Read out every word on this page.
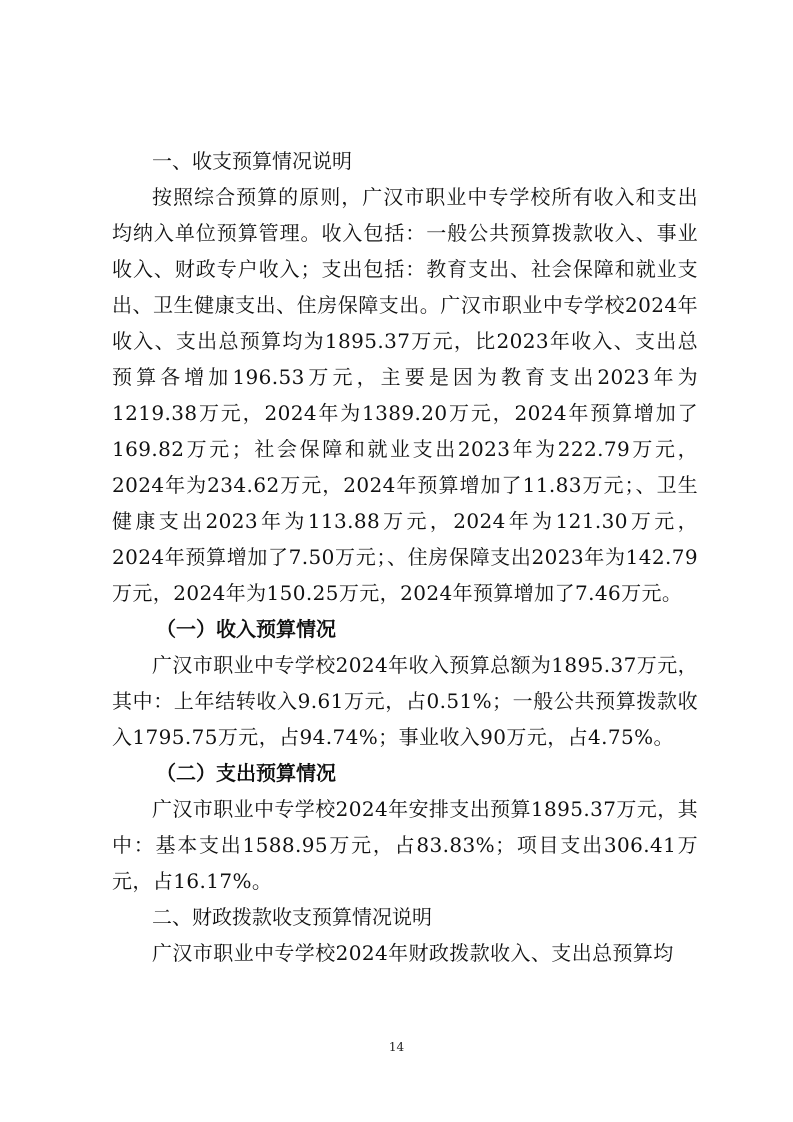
一、收支预算情况说明

按照综合预算的原则，广汉市职业中专学校所有收入和支出均纳入单位预算管理。收入包括：一般公共预算拨款收入、事业收入、财政专户收入；支出包括：教育支出、社会保障和就业支出、卫生健康支出、住房保障支出。广汉市职业中专学校2024年收入、支出总预算均为1895.37万元，比2023年收入、支出总预算各增加196.53万元，主要是因为教育支出2023年为1219.38万元，2024年为1389.20万元，2024年预算增加了169.82万元；社会保障和就业支出2023年为222.79万元，2024年为234.62万元，2024年预算增加了11.83万元；、卫生健康支出2023年为113.88万元，2024年为121.30万元，2024年预算增加了7.50万元；、住房保障支出2023年为142.79万元，2024年为150.25万元，2024年预算增加了7.46万元。

（一）收入预算情况

广汉市职业中专学校2024年收入预算总额为1895.37万元，其中：上年结转收入9.61万元，占0.51%；一般公共预算拨款收入1795.75万元，占94.74%；事业收入90万元，占4.75%。

（二）支出预算情况

广汉市职业中专学校2024年安排支出预算1895.37万元，其中：基本支出1588.95万元，占83.83%；项目支出306.41万元，占16.17%。

二、财政拨款收支预算情况说明

广汉市职业中专学校2024年财政拨款收入、支出总预算均

14
